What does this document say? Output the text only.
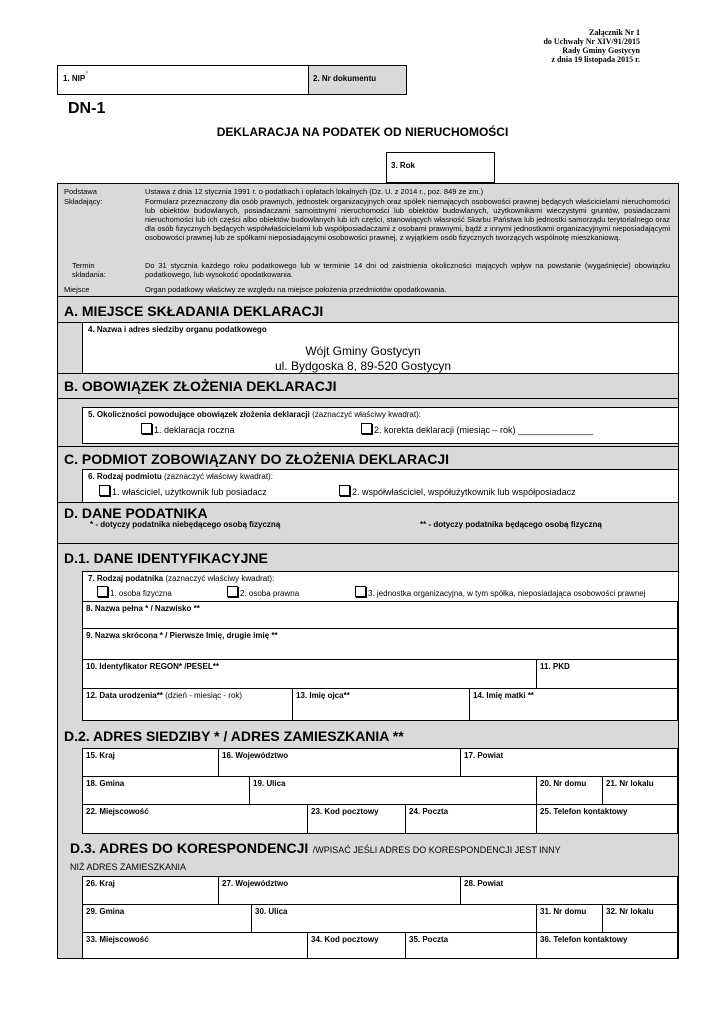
Załącznik Nr 1
do Uchwały Nr XIV/91/2015
Rady Gminy Gostycyn
z dnia 19 listopada 2015 r.
1. $NIP^{^{1)}}$
2. Nr dokumentu
DN-1
DEKLARACJA NA PODATEK OD NIERUCHOMOŚCI
3. Rok
Podstawa	Ustawa z dnia 12 stycznia 1991 r. o podatkach i opłatach lokalnych (Dz. U. z 2014 r., poz. 849 ze zm.)
Składający:	Formularz przeznaczony dla osób prawnych, jednostek organizacyjnych oraz spółek niemających osobowości prawnej będących właścicielami nieruchomości lub obiektów budowlanych, posiadaczami samoistnymi nieruchomości lub obiektów budowlanych, użytkownikami wieczystymi gruntów, posiadaczami nieruchomości lub ich części albo obiektów budowlanych lub ich części, stanowiących własność Skarbu Państwa lub jednostki samorządu terytorialnego oraz dla osób fizycznych będących współwłaścicielami lub współposiadaczami z osobami prawnymi, bądź z innymi jednostkami organizacyjnymi nieposiadającymi osobowości prawnej lub ze spółkami nieposiadającymi osobowości prawnej, z wyjątkiem osób fizycznych tworzących wspólnotę mieszkaniową.
Termin
składania:
Do 31 stycznia każdego roku podatkowego lub w terminie 14 dni od zaistnienia okoliczności mających wpływ na powstanie (wygaśnięcie) obowiązku podatkowego, lub wysokość opodatkowania.
Miejsce	Organ podatkowy właściwy ze względu na miejsce położenia przedmiotów opodatkowania.
A. MIEJSCE SKŁADANIA DEKLARACJI
4. Nazwa i adres siedziby organu podatkowego
Wójt Gminy Gostycyn
ul. Bydgoska 8, 89-520 Gostycyn
B. OBOWIĄZEK ZŁOŻENIA DEKLARACJI
5. Okoliczności powodujące obowiązek złożenia deklaracji (zaznaczyć właściwy kwadrat):
1. deklaracja roczna	2. korekta deklaracji (miesiąc – rok) _______________
C. PODMIOT ZOBOWIĄZANY DO ZŁOŻENIA DEKLARACJI
6. Rodzaj podmiotu (zaznaczyć właściwy kwadrat):
1. właściciel, użytkownik lub posiadacz	2. współwłaściciel, współużytkownik lub współposiadacz
D. DANE PODATNIKA
* - dotyczy podatnika niebędącego osobą fizyczną	** - dotyczy podatnika będącego osobą fizyczną
D.1. DANE IDENTYFIKACYJNE
7. Rodzaj podatnika (zaznaczyć właściwy kwadrat):
1. osoba fizyczna	2. osoba prawna	3. jednostka organizacyjna, w tym spółka, nieposiadająca osobowości prawnej
8. Nazwa pełna * / Nazwisko **
9. Nazwa skrócona * / Pierwsze Imię, drugie imię **
10. Identyfikator REGON* /PESEL**	11. PKD
12. Data urodzenia** (dzień - miesiąc - rok)	13. Imię ojca**	14. Imię matki **
D.2. ADRES SIEDZIBY * / ADRES ZAMIESZKANIA **
15. Kraj	16. Województwo	17. Powiat
18. Gmina	19. Ulica	20. Nr domu	21. Nr lokalu
22. Miejscowość	23. Kod pocztowy	24. Poczta	25. Telefon kontaktowy
D.3. ADRES DO KORESPONDENCJI /WPISAĆ JEŚLI ADRES DO KORESPONDENCJI JEST INNY
NIŻ ADRES ZAMIESZKANIA
26. Kraj	27. Województwo	28. Powiat
29. Gmina	30. Ulica	31. Nr domu	32. Nr lokalu
33. Miejscowość	34. Kod pocztowy	35. Poczta	36. Telefon kontaktowy
